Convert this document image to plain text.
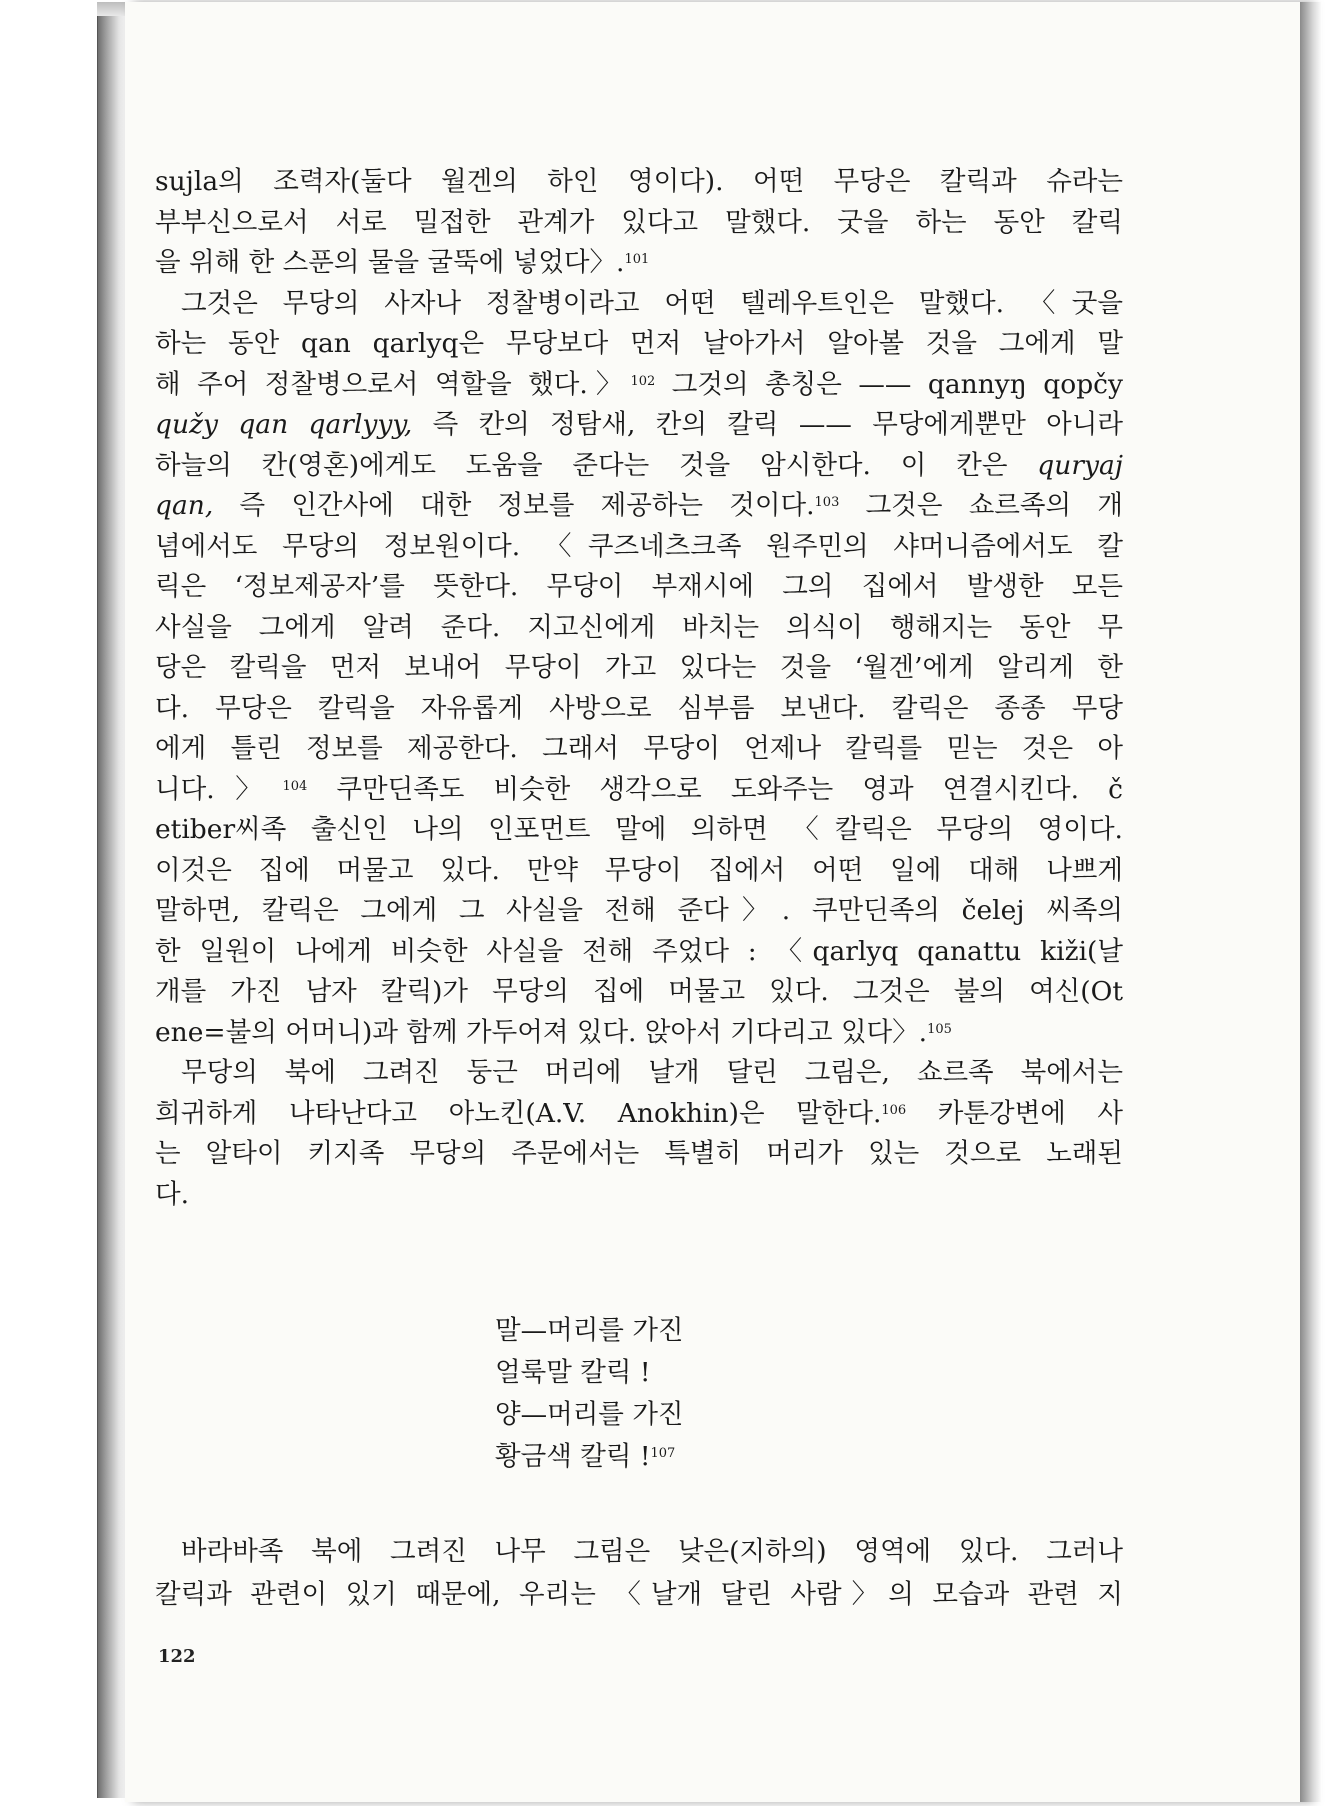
sujla의 조력자(둘다 월겐의 하인 영이다). 어떤 무당은 칼릭과 슈라는
부부신으로서 서로 밀접한 관계가 있다고 말했다. 굿을 하는 동안 칼릭
을 위해 한 스푼의 물을 굴뚝에 넣었다〉.$^{101}$

그것은 무당의 사자나 정찰병이라고 어떤 텔레우트인은 말했다. 〈굿을
하는 동안 qan qarlyq은 무당보다 먼저 날아가서 알아볼 것을 그에게 말
해 주어 정찰병으로서 역할을 했다.〉$^{102}$ 그것의 총칭은 —— qannyŋ qopčy
qužy qan qarlyyy, 즉 칸의 정탐새, 칸의 칼릭 —— 무당에게뿐만 아니라
하늘의 칸(영혼)에게도 도움을 준다는 것을 암시한다. 이 칸은 quryaj
qan, 즉 인간사에 대한 정보를 제공하는 것이다.$^{103}$ 그것은 쇼르족의 개
념에서도 무당의 정보원이다. 〈쿠즈네츠크족 원주민의 샤머니즘에서도 칼
릭은 ‘정보제공자’를 뜻한다. 무당이 부재시에 그의 집에서 발생한 모든
사실을 그에게 알려 준다. 지고신에게 바치는 의식이 행해지는 동안 무
당은 칼릭을 먼저 보내어 무당이 가고 있다는 것을 ‘월겐’에게 알리게 한
다. 무당은 칼릭을 자유롭게 사방으로 심부름 보낸다. 칼릭은 종종 무당
에게 틀린 정보를 제공한다. 그래서 무당이 언제나 칼릭를 믿는 것은 아
니다.〉$^{104}$ 쿠만딘족도 비슷한 생각으로 도와주는 영과 연결시킨다. č
etiber씨족 출신인 나의 인포먼트 말에 의하면 〈칼릭은 무당의 영이다.
이것은 집에 머물고 있다. 만약 무당이 집에서 어떤 일에 대해 나쁘게
말하면, 칼릭은 그에게 그 사실을 전해 준다〉. 쿠만딘족의 čelej 씨족의
한 일원이 나에게 비슷한 사실을 전해 주었다 : 〈qarlyq qanattu kiži(날
개를 가진 남자 칼릭)가 무당의 집에 머물고 있다. 그것은 불의 여신(Ot
ene=불의 어머니)과 함께 가두어져 있다. 앉아서 기다리고 있다〉.$^{105}$

무당의 북에 그려진 둥근 머리에 날개 달린 그림은, 쇼르족 북에서는
희귀하게 나타난다고 아노킨(A.V. Anokhin)은 말한다.$^{106}$ 카툰강변에 사
는 알타이 키지족 무당의 주문에서는 특별히 머리가 있는 것으로 노래된
다.

말—머리를 가진
얼룩말 칼릭 !
양—머리를 가진
황금색 칼릭 !$^{107}$

바라바족 북에 그려진 나무 그림은 낮은(지하의) 영역에 있다. 그러나
칼릭과 관련이 있기 때문에, 우리는 〈날개 달린 사람〉의 모습과 관련 지

122
